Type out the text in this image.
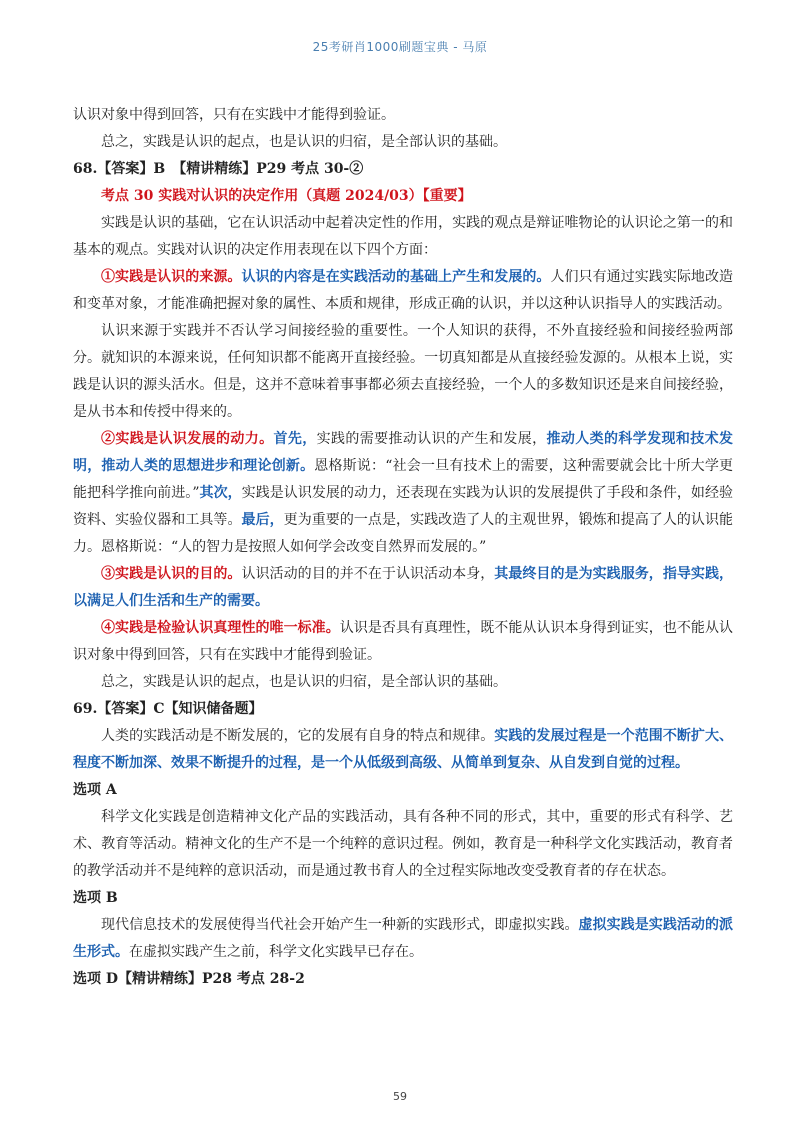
25考研肖1000刷题宝典 - 马原

认识对象中得到回答，只有在实践中才能得到验证。

总之，实践是认识的起点，也是认识的归宿，是全部认识的基础。

68.【答案】B　【精讲精练】P29 考点 30-②

考点 30 实践对认识的决定作用（真题 2024/03）【重要】

实践是认识的基础，它在认识活动中起着决定性的作用，实践的观点是辩证唯物论的认识论之第一的和基本的观点。实践对认识的决定作用表现在以下四个方面：

①实践是认识的来源。认识的内容是在实践活动的基础上产生和发展的。人们只有通过实践实际地改造和变革对象，才能准确把握对象的属性、本质和规律，形成正确的认识，并以这种认识指导人的实践活动。

认识来源于实践并不否认学习间接经验的重要性。一个人知识的获得，不外直接经验和间接经验两部分。就知识的本源来说，任何知识都不能离开直接经验。一切真知都是从直接经验发源的。从根本上说，实践是认识的源头活水。但是，这并不意味着事事都必须去直接经验，一个人的多数知识还是来自间接经验，是从书本和传授中得来的。

②实践是认识发展的动力。首先，实践的需要推动认识的产生和发展，推动人类的科学发现和技术发明，推动人类的思想进步和理论创新。恩格斯说：“社会一旦有技术上的需要，这种需要就会比十所大学更能把科学推向前进。”其次，实践是认识发展的动力，还表现在实践为认识的发展提供了手段和条件，如经验资料、实验仪器和工具等。最后，更为重要的一点是，实践改造了人的主观世界，锻炼和提高了人的认识能力。恩格斯说：“人的智力是按照人如何学会改变自然界而发展的。”

③实践是认识的目的。认识活动的目的并不在于认识活动本身，其最终目的是为实践服务，指导实践，以满足人们生活和生产的需要。

④实践是检验认识真理性的唯一标准。认识是否具有真理性，既不能从认识本身得到证实，也不能从认识对象中得到回答，只有在实践中才能得到验证。

总之，实践是认识的起点，也是认识的归宿，是全部认识的基础。

69.【答案】C【知识储备题】

人类的实践活动是不断发展的，它的发展有自身的特点和规律。实践的发展过程是一个范围不断扩大、程度不断加深、效果不断提升的过程，是一个从低级到高级、从简单到复杂、从自发到自觉的过程。

选项 A

科学文化实践是创造精神文化产品的实践活动，具有各种不同的形式，其中，重要的形式有科学、艺术、教育等活动。精神文化的生产不是一个纯粹的意识过程。例如，教育是一种科学文化实践活动，教育者的教学活动并不是纯粹的意识活动，而是通过教书育人的全过程实际地改变受教育者的存在状态。

选项 B

现代信息技术的发展使得当代社会开始产生一种新的实践形式，即虚拟实践。虚拟实践是实践活动的派生形式。在虚拟实践产生之前，科学文化实践早已存在。

选项 D【精讲精练】P28 考点 28-2

59
